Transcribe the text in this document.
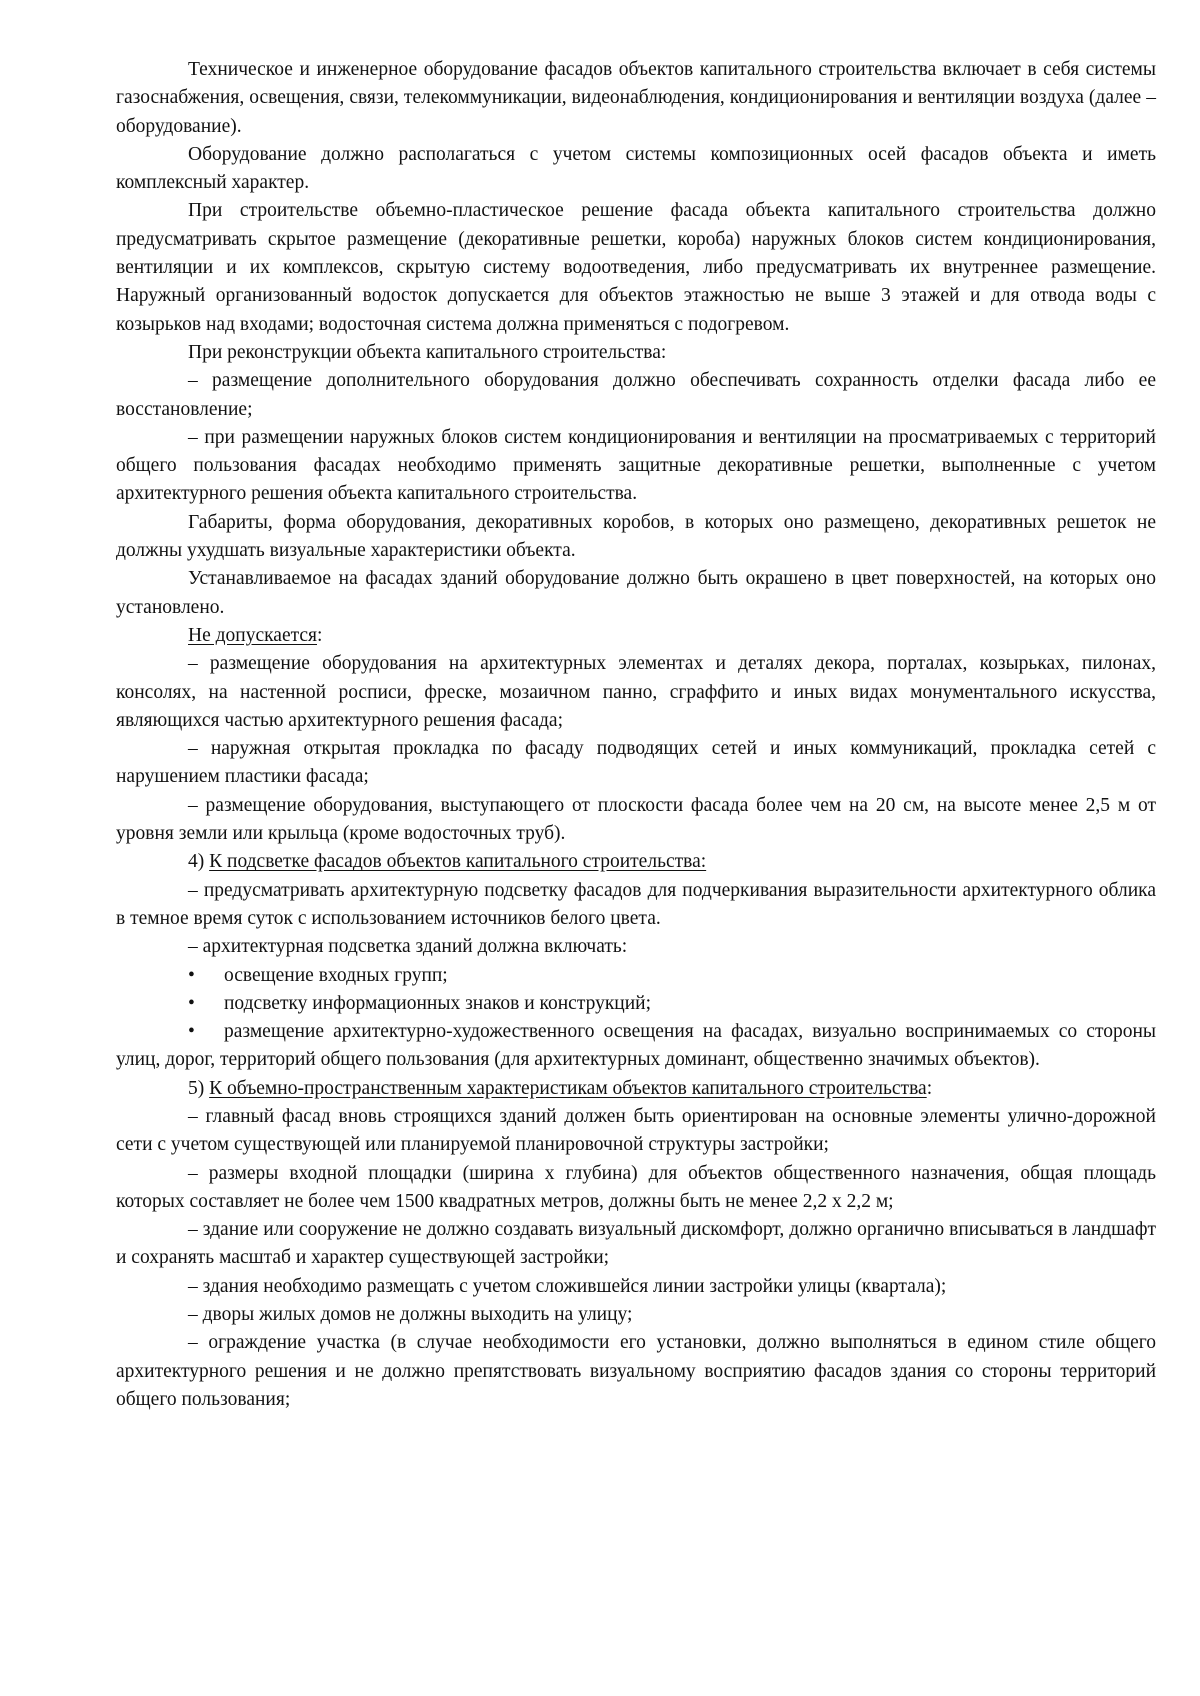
Техническое и инженерное оборудование фасадов объектов капитального строительства включает в себя системы газоснабжения, освещения, связи, телекоммуникации, видеонаблюдения, кондиционирования и вентиляции воздуха (далее – оборудование).

Оборудование должно располагаться с учетом системы композиционных осей фасадов объекта и иметь комплексный характер.

При строительстве объемно-пластическое решение фасада объекта капитального строительства должно предусматривать скрытое размещение (декоративные решетки, короба) наружных блоков систем кондиционирования, вентиляции и их комплексов, скрытую систему водоотведения, либо предусматривать их внутреннее размещение. Наружный организованный водосток допускается для объектов этажностью не выше 3 этажей и для отвода воды с козырьков над входами; водосточная система должна применяться с подогревом.

При реконструкции объекта капитального строительства:

– размещение дополнительного оборудования должно обеспечивать сохранность отделки фасада либо ее восстановление;

– при размещении наружных блоков систем кондиционирования и вентиляции на просматриваемых с территорий общего пользования фасадах необходимо применять защитные декоративные решетки, выполненные с учетом архитектурного решения объекта капитального строительства.

Габариты, форма оборудования, декоративных коробов, в которых оно размещено, декоративных решеток не должны ухудшать визуальные характеристики объекта.

Устанавливаемое на фасадах зданий оборудование должно быть окрашено в цвет поверхностей, на которых оно установлено.

Не допускается:

– размещение оборудования на архитектурных элементах и деталях декора, порталах, козырьках, пилонах, консолях, на настенной росписи, фреске, мозаичном панно, сграффито и иных видах монументального искусства, являющихся частью архитектурного решения фасада;

– наружная открытая прокладка по фасаду подводящих сетей и иных коммуникаций, прокладка сетей с нарушением пластики фасада;

– размещение оборудования, выступающего от плоскости фасада более чем на 20 см, на высоте менее 2,5 м от уровня земли или крыльца (кроме водосточных труб).

4) К подсветке фасадов объектов капитального строительства:

– предусматривать архитектурную подсветку фасадов для подчеркивания выразительности архитектурного облика в темное время суток с использованием источников белого цвета.

– архитектурная подсветка зданий должна включать:

• освещение входных групп;

• подсветку информационных знаков и конструкций;

• размещение архитектурно-художественного освещения на фасадах, визуально воспринимаемых со стороны улиц, дорог, территорий общего пользования (для архитектурных доминант, общественно значимых объектов).

5) К объемно-пространственным характеристикам объектов капитального строительства:

– главный фасад вновь строящихся зданий должен быть ориентирован на основные элементы улично-дорожной сети с учетом существующей или планируемой планировочной структуры застройки;

– размеры входной площадки (ширина х глубина) для объектов общественного назначения, общая площадь которых составляет не более чем 1500 квадратных метров, должны быть не менее 2,2 х 2,2 м;

– здание или сооружение не должно создавать визуальный дискомфорт, должно органично вписываться в ландшафт и сохранять масштаб и характер существующей застройки;

– здания необходимо размещать с учетом сложившейся линии застройки улицы (квартала);

– дворы жилых домов не должны выходить на улицу;

– ограждение участка (в случае необходимости его установки, должно выполняться в едином стиле общего архитектурного решения и не должно препятствовать визуальному восприятию фасадов здания со стороны территорий общего пользования;
